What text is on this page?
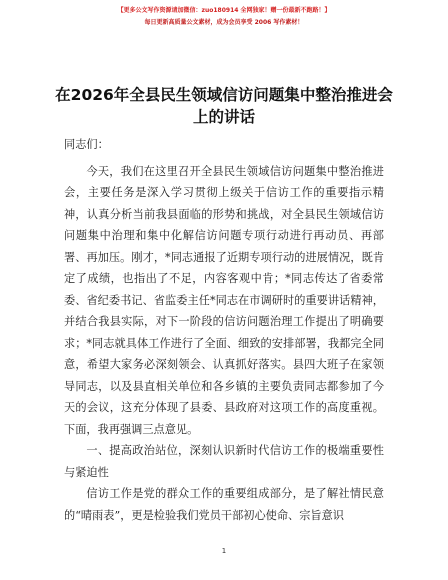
【更多公文写作资源请加微信：zuo180914 全网独家！赠一份最新不跑路！】
每日更新高质量公文素材，成为会员享受 2006 写作素材！
在2026年全县民生领域信访问题集中整治推进会上的讲话

同志们：

今天，我们在这里召开全县民生领域信访问题集中整治推进会，主要任务是深入学习贯彻上级关于信访工作的重要指示精神，认真分析当前我县面临的形势和挑战，对全县民生领域信访问题集中治理和集中化解信访问题专项行动进行再动员、再部署、再加压。刚才，*同志通报了近期专项行动的进展情况，既肯定了成绩，也指出了不足，内容客观中肯；*同志传达了省委常委、省纪委书记、省监委主任*同志在市调研时的重要讲话精神，并结合我县实际，对下一阶段的信访问题治理工作提出了明确要求；*同志就具体工作进行了全面、细致的安排部署，我都完全同意，希望大家务必深刻领会、认真抓好落实。县四大班子在家领导同志，以及县直相关单位和各乡镇的主要负责同志都参加了今天的会议，这充分体现了县委、县政府对这项工作的高度重视。下面，我再强调三点意见。

一、提高政治站位，深刻认识新时代信访工作的极端重要性与紧迫性

信访工作是党的群众工作的重要组成部分，是了解社情民意的“晴雨表”，更是检验我们党员干部初心使命、宗旨意识

1
